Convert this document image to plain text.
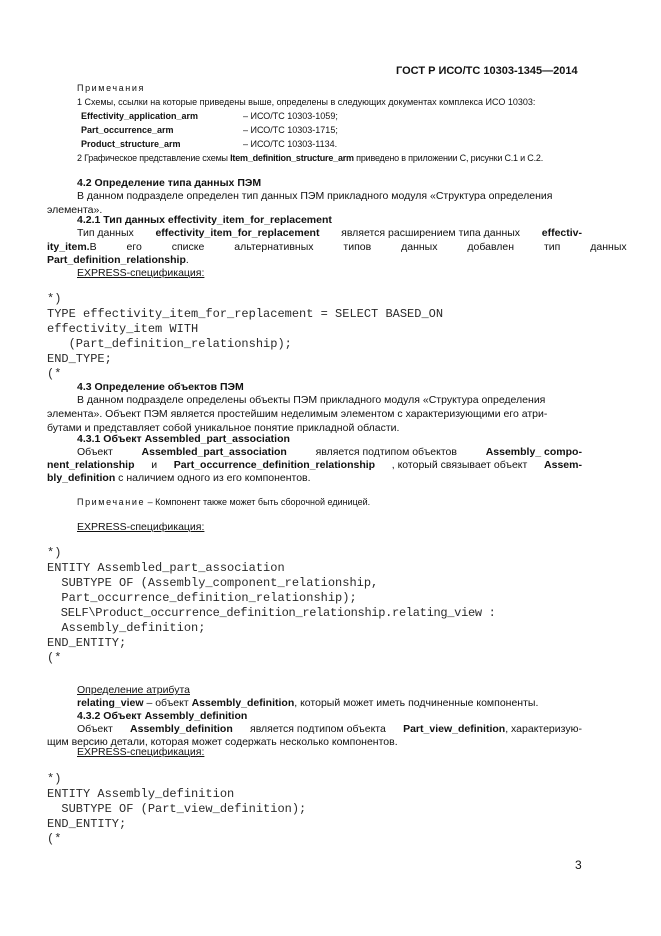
ГОСТ Р ИСО/ТС 10303-1345—2014
Примечания
1 Схемы, ссылки на которые приведены выше, определены в следующих документах комплекса ИСО 10303:
Effectivity_application_arm	– ИСО/ТС 10303-1059;
Part_occurrence_arm	– ИСО/ТС 10303-1715;
Product_structure_arm	– ИСО/ТС 10303-1134.
2 Графическое представление схемы Item_definition_structure_arm приведено в приложении С, рисунки С.1 и С.2.
4.2 Определение типа данных ПЭМ
В данном подразделе определен тип данных ПЭМ прикладного модуля «Структура определения
элемента».
4.2.1 Тип данных effectivity_item_for_replacement
Тип данных effectivity_item_for_replacement является расширением типа данных effectiv-
ity_item. В его списке альтернативных типов данных добавлен тип данных
Part_definition_relationship.
EXPRESS-спецификация:
*)
TYPE effectivity_item_for_replacement = SELECT BASED_ON
effectivity_item WITH
(Part_definition_relationship);
END_TYPE;
(*
4.3 Определение объектов ПЭМ
В данном подразделе определены объекты ПЭМ прикладного модуля «Структура определения
элемента». Объект ПЭМ является простейшим неделимым элементом с характеризующими его атри-
бутами и представляет собой уникальное понятие прикладной области.
4.3.1 Объект Assembled_part_association
Объект	Assembled_part_association	является подтипом объектов	Assembly_ compo-
nent_relationship и Part_occurrence_definition_relationship , который связывает объект Assem-
bly_definition с наличием одного из его компонентов.
Примечание – Компонент также может быть сборочной единицей.
EXPRESS-спецификация:
*)
ENTITY Assembled_part_association
SUBTYPE OF (Assembly_component_relationship,
Part_occurrence_definition_relationship);
SELF\Product_occurrence_definition_relationship.relating_view :
Assembly_definition;
END_ENTITY;
(*
Определение атрибута
relating_view – объект Assembly_definition, который может иметь подчиненные компоненты.
4.3.2 Объект Assembly_definition
Объект Assembly_definition является подтипом объекта Part_view_definition, характеризую-
щим версию детали, которая может содержать несколько компонентов.
EXPRESS-спецификация:
*)
ENTITY Assembly_definition
SUBTYPE OF (Part_view_definition);
END_ENTITY;
(*
3
